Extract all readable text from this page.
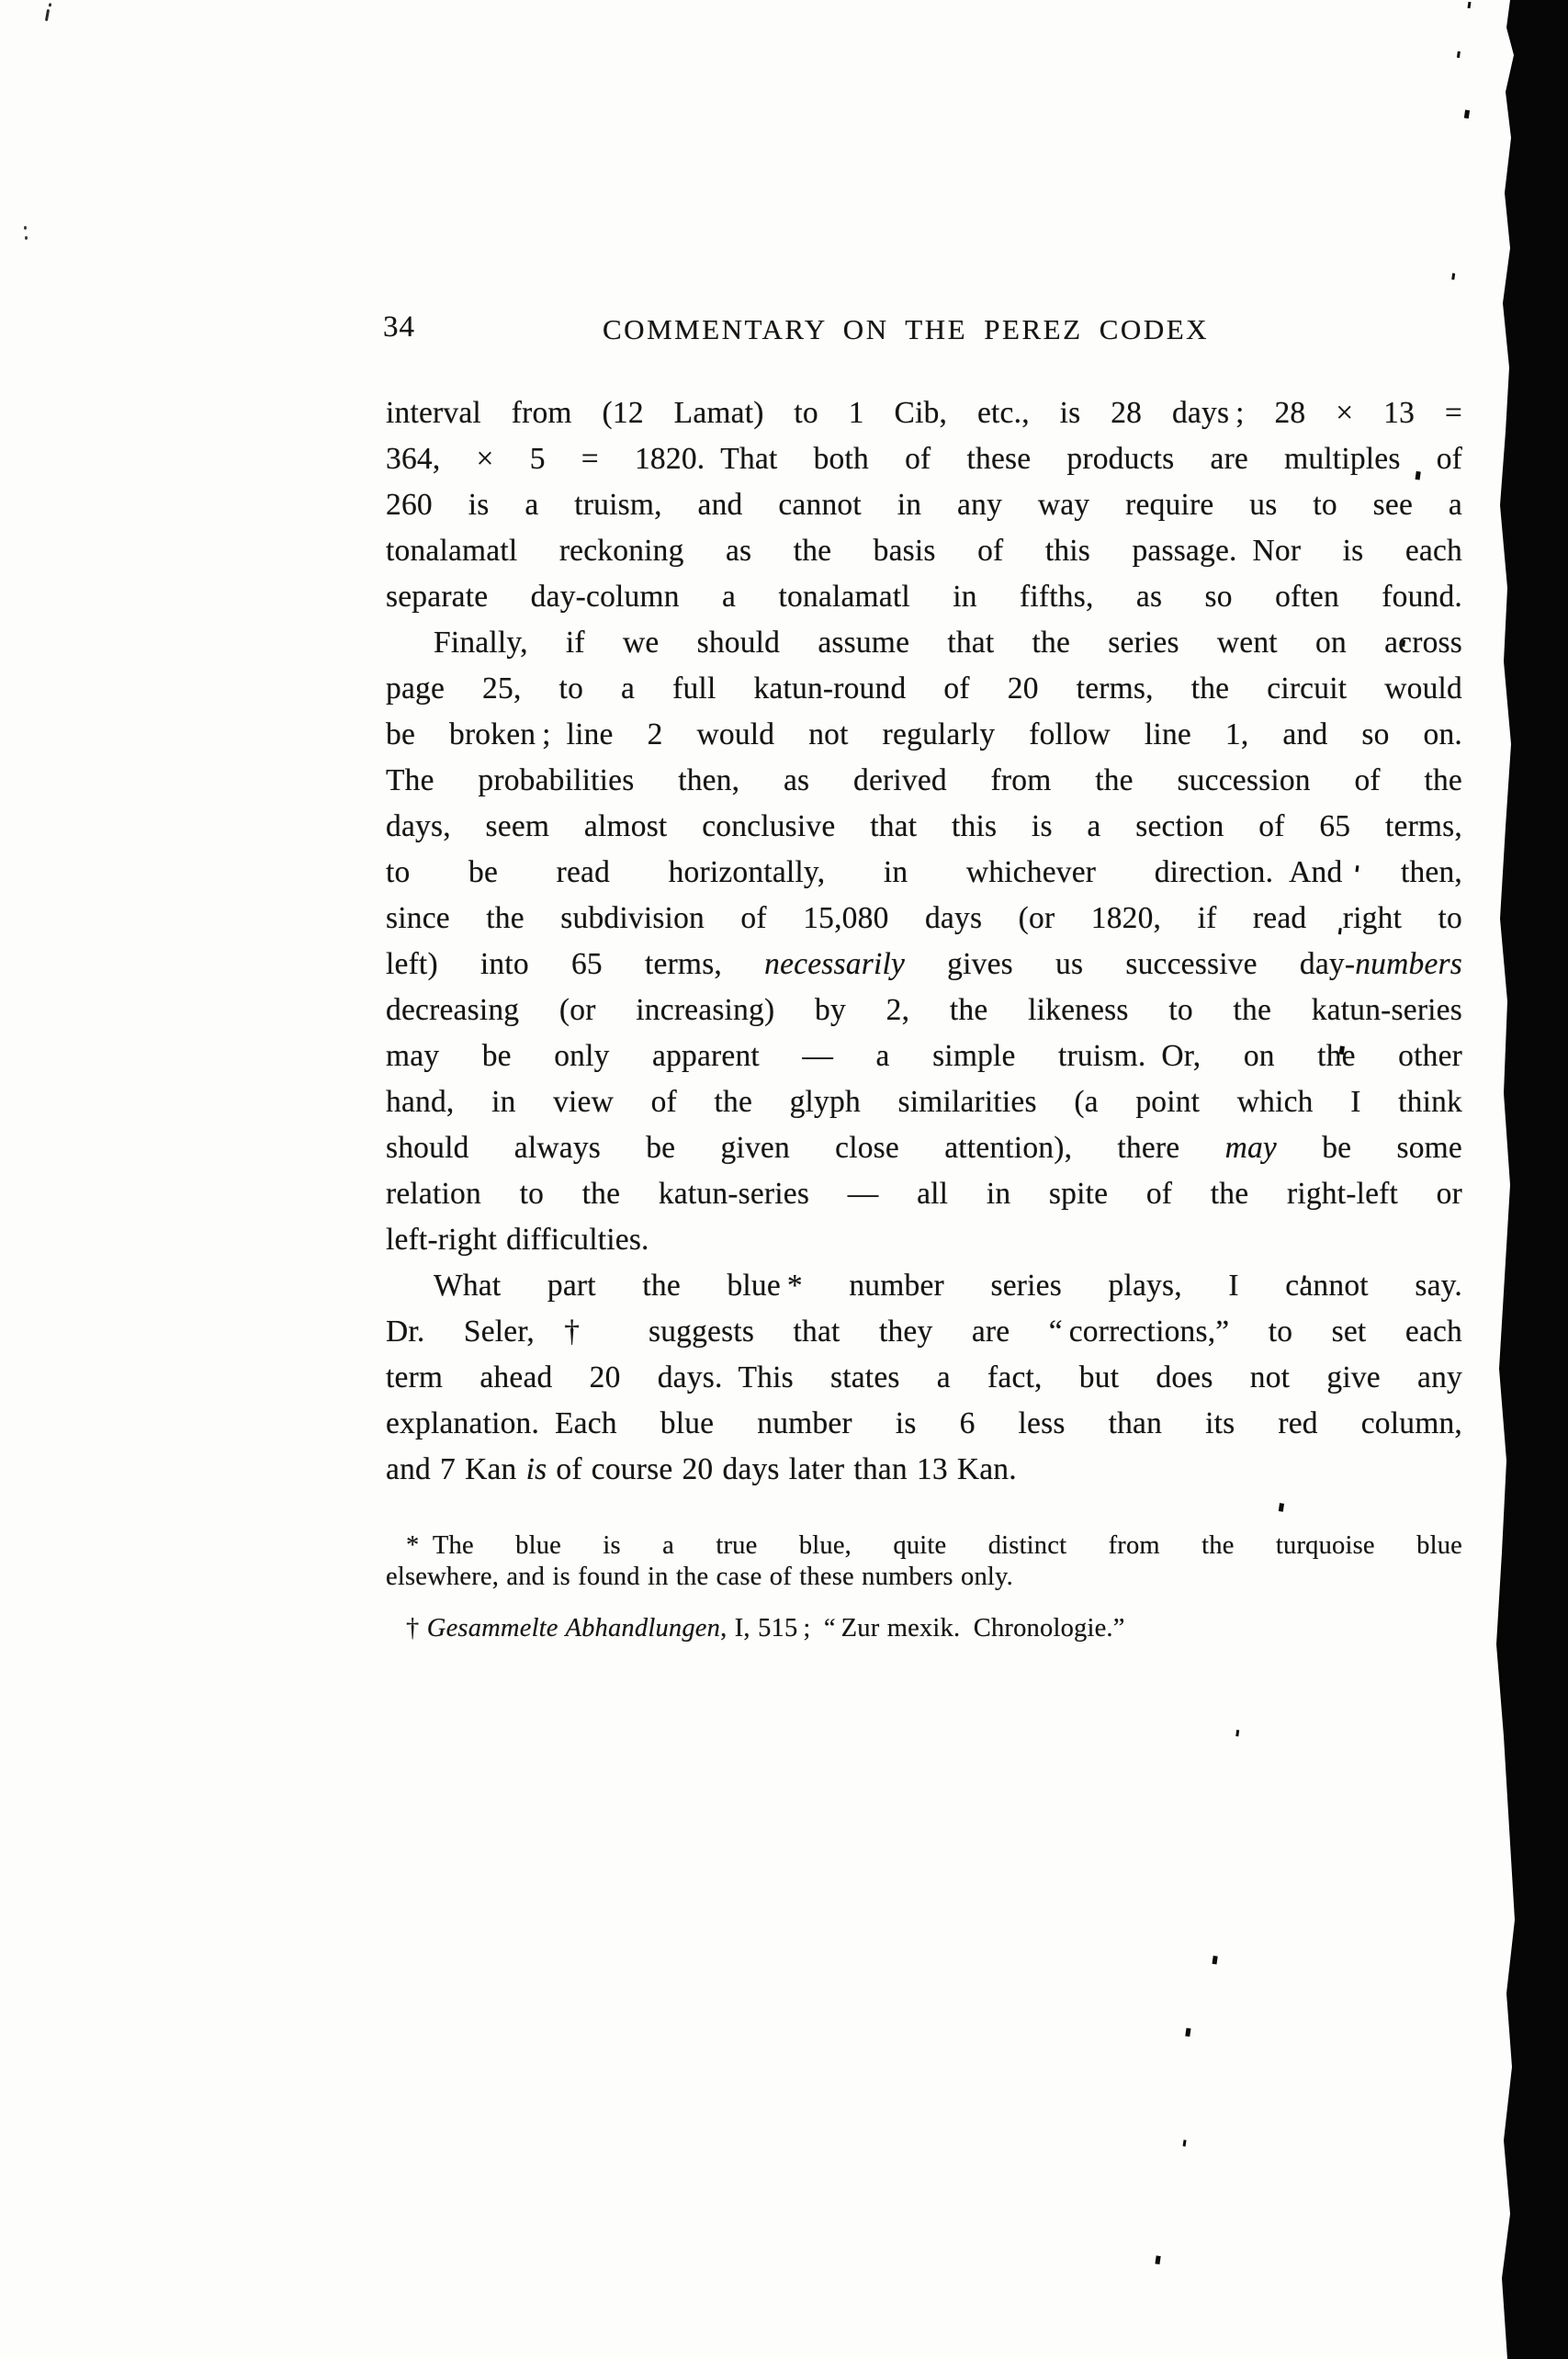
34	COMMENTARY ON THE PEREZ CODEX
interval from (12 Lamat) to 1 Cib, etc., is 28 days ; 28 × 13 =
364, × 5 = 1820. That both of these products are multiples of
260 is a truism, and cannot in any way require us to see a
tonalamatl reckoning as the basis of this passage. Nor is each
separate day-column a tonalamatl in fifths, as so often found.
Finally, if we should assume that the series went on across
page 25, to a full katun-round of 20 terms, the circuit would
be broken ; line 2 would not regularly follow line 1, and so on.
The probabilities then, as derived from the succession of the
days, seem almost conclusive that this is a section of 65 terms,
to be read horizontally, in whichever direction. And then,
since the subdivision of 15,080 days (or 1820, if read right to
left) into 65 terms, necessarily gives us successive day-numbers
decreasing (or increasing) by 2, the likeness to the katun-series
may be only apparent — a simple truism. Or, on the other
hand, in view of the glyph similarities (a point which I think
should always be given close attention), there may be some
relation to the katun-series — all in spite of the right-left or
left-right difficulties.
What part the blue * number series plays, I cannot say.
Dr. Seler,† suggests that they are “ corrections,” to set each
term ahead 20 days. This states a fact, but does not give any
explanation. Each blue number is 6 less than its red column,
and 7 Kan is of course 20 days later than 13 Kan.
* The blue is a true blue, quite distinct from the turquoise blue
elsewhere, and is found in the case of these numbers only.
† Gesammelte Abhandlungen, I, 515 ; “ Zur mexik. Chronologie.”
